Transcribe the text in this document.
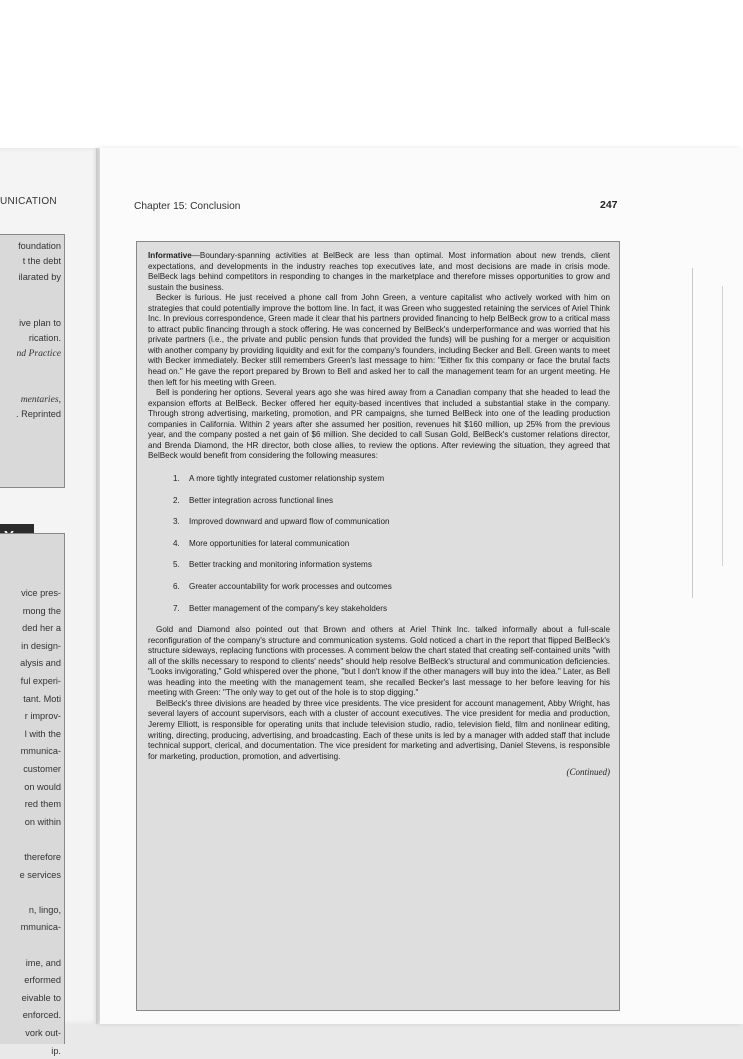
UNICATION
foundation
t the debt
ilarated by
ive plan to
rication.
nd Practice
mentaries,
. Reprinted
vice pres-
mong the
ded her a
in design-
alysis and
ful experi-
tant. Moti
r improv-
l with the
mmunica-
customer
on would
red them
on within
therefore
e services
n, lingo,
mmunica-
ime, and
erformed
eivable to
enforced.
vork out-
ip.
Chapter 15: Conclusion	247

Informative—Boundary-spanning activities at BelBeck are less than optimal. Most information about new trends, client expectations, and developments in the industry reaches top executives late, and most decisions are made in crisis mode. BelBeck lags behind competitors in responding to changes in the marketplace and therefore misses opportunities to grow and sustain the business.

Becker is furious. He just received a phone call from John Green, a venture capitalist who actively worked with him on strategies that could potentially improve the bottom line. In fact, it was Green who suggested retaining the services of Ariel Think Inc. In previous correspondence, Green made it clear that his partners provided financing to help BelBeck grow to a critical mass to attract public financing through a stock offering. He was concerned by BelBeck's underperformance and was worried that his private partners (i.e., the private and public pension funds that provided the funds) will be pushing for a merger or acquisition with another company by providing liquidity and exit for the company's founders, including Becker and Bell. Green wants to meet with Becker immediately. Becker still remembers Green's last message to him: "Either fix this company or face the brutal facts head on." He gave the report prepared by Brown to Bell and asked her to call the management team for an urgent meeting. He then left for his meeting with Green.

Bell is pondering her options. Several years ago she was hired away from a Canadian company that she headed to lead the expansion efforts at BelBeck. Becker offered her equity-based incentives that included a substantial stake in the company. Through strong advertising, marketing, promotion, and PR campaigns, she turned BelBeck into one of the leading production companies in California. Within 2 years after she assumed her position, revenues hit $160 million, up 25% from the previous year, and the company posted a net gain of $6 million. She decided to call Susan Gold, BelBeck's customer relations director, and Brenda Diamond, the HR director, both close allies, to review the options. After reviewing the situation, they agreed that BelBeck would benefit from considering the following measures:

1. A more tightly integrated customer relationship system
2. Better integration across functional lines
3. Improved downward and upward flow of communication
4. More opportunities for lateral communication
5. Better tracking and monitoring information systems
6. Greater accountability for work processes and outcomes
7. Better management of the company's key stakeholders

Gold and Diamond also pointed out that Brown and others at Ariel Think Inc. talked informally about a full-scale reconfiguration of the company's structure and communication systems. Gold noticed a chart in the report that flipped BelBeck's structure sideways, replacing functions with processes. A comment below the chart stated that creating self-contained units "with all of the skills necessary to respond to clients' needs" should help resolve BelBeck's structural and communication deficiencies. "Looks invigorating," Gold whispered over the phone, "but I don't know if the other managers will buy into the idea." Later, as Bell was heading into the meeting with the management team, she recalled Becker's last message to her before leaving for his meeting with Green: "The only way to get out of the hole is to stop digging."

BelBeck's three divisions are headed by three vice presidents. The vice president for account management, Abby Wright, has several layers of account supervisors, each with a cluster of account executives. The vice president for media and production, Jeremy Elliott, is responsible for operating units that include television studio, radio, television field, film and nonlinear editing, writing, directing, producing, advertising, and broadcasting. Each of these units is led by a manager with added staff that include technical support, clerical, and documentation. The vice president for marketing and advertising, Daniel Stevens, is responsible for marketing, production, promotion, and advertising.

(Continued)
